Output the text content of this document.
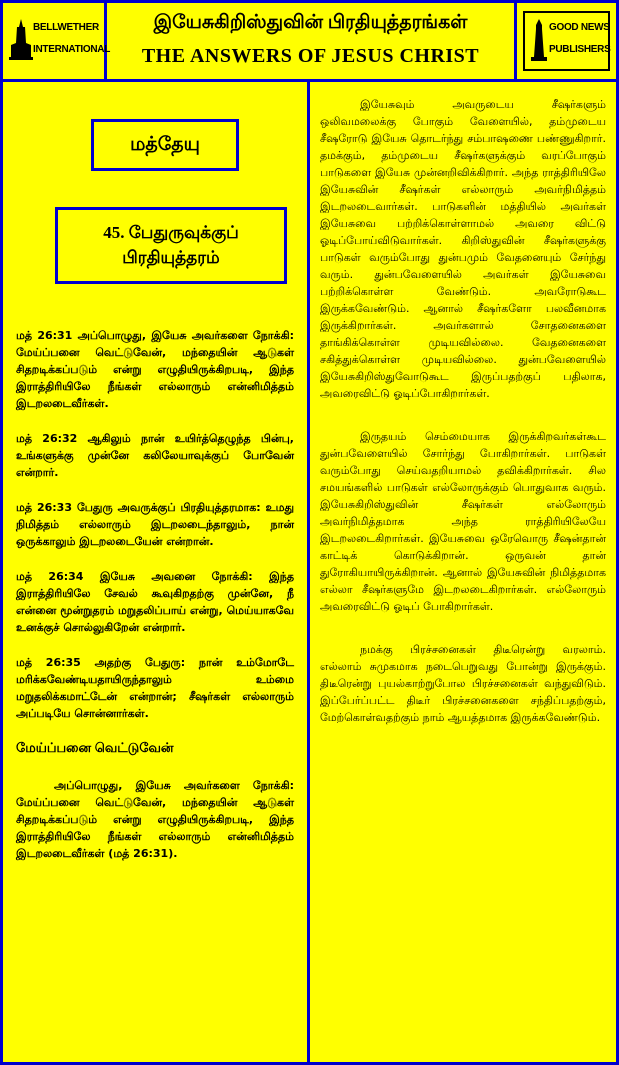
BELLWETHER
INTERNATIONAL
இயேசுகிறிஸ்துவின் பிரதியுத்தரங்கள்
THE ANSWERS OF JESUS CHRIST
GOOD NEWS
PUBLISHERS
மத்தேயு
45. பேதுருவுக்குப்
பிரதியுத்தரம்

மத் 26:31 அப்பொழுது, இயேசு அவர்களை நோக்கி: மேய்ப்பனை வெட்டுவேன், மந்தையின் ஆடுகள் சிதறடிக்கப்படும் என்று எழுதியிருக்கிறபடி, இந்த இராத்திரியிலே நீங்கள் எல்லாரும் என்னிமித்தம் இடறலடைவீர்கள்.

மத் 26:32 ஆகிலும் நான் உயிர்த்தெழுந்த பின்பு, உங்களுக்கு முன்னே கலிலேயாவுக்குப் போவேன் என்றார்.

மத் 26:33 பேதுரு அவருக்குப் பிரதியுத்தரமாக: உமது நிமித்தம் எல்லாரும் இடறலடைந்தாலும், நான் ஒருக்காலும் இடறலடையேன் என்றான்.

மத் 26:34 இயேசு அவனை நோக்கி: இந்த இராத்திரியிலே சேவல் கூவுகிறதற்கு முன்னே, நீ என்னை மூன்றுதரம் மறுதலிப்பாய் என்று, மெய்யாகவே உனக்குச் சொல்லுகிறேன் என்றார்.

மத் 26:35 அதற்கு பேதுரு: நான் உம்மோடே மரிக்கவேண்டியதாயிருந்தாலும் உம்மை மறுதலிக்கமாட்டேன் என்றான்; சீஷர்கள் எல்லாரும் அப்படியே சொன்னார்கள்.

மேய்ப்பனை வெட்டுவேன்

அப்பொழுது, இயேசு அவர்களை நோக்கி: மேய்ப்பனை வெட்டுவேன், மந்தையின் ஆடுகள் சிதறடிக்கப்படும் என்று எழுதியிருக்கிறபடி, இந்த இராத்திரியிலே நீங்கள் எல்லாரும் என்னிமித்தம் இடறலடைவீர்கள் (மத் 26:31).

இயேசுவும் அவருடைய சீஷர்களும் ஒலிவமலைக்கு போகும் வேளையில், தம்முடைய சீஷரோடு இயேசு தொடர்ந்து சம்பாஷணை பண்ணுகிறார். தமக்கும், தம்முடைய சீஷர்களுக்கும் வரப்போகும் பாடுகளை இயேசு முன்னறிவிக்கிறார். அந்த ராத்திரியிலே இயேசுவின் சீஷர்கள் எல்லாரும் அவர்நிமித்தம் இடறலடைவார்கள். பாடுகளின் மத்தியில் அவர்கள் இயேசுவை பற்றிக்கொள்ளாமல் அவரை விட்டு ஓடிப்போய்விடுவார்கள். கிறிஸ்துவின் சீஷர்களுக்கு பாடுகள் வரும்போது துன்பமும் வேதனையும் சேர்ந்து வரும். துன்பவேளையில் அவர்கள் இயேசுவை பற்றிக்கொள்ள வேண்டும். அவரோடுகூட இருக்கவேண்டும். ஆனால் சீஷர்களோ பலவீனமாக இருக்கிறார்கள். அவர்களால் சோதனைகளை தாங்கிக்கொள்ள முடியவில்லை. வேதனைகளை சகித்துக்கொள்ள முடியவில்லை. துன்பவேளையில் இயேசுகிறிஸ்துவோடுகூட இருப்பதற்குப் பதிலாக, அவரைவிட்டு ஓடிப்போகிறார்கள்.

இருதயம் செம்மையாக இருக்கிறவர்கள்கூட துன்பவேளையில் சோர்ந்து போகிறார்கள். பாடுகள் வரும்போது செய்வதறியாமல் தவிக்கிறார்கள். சில சமயங்களில் பாடுகள் எல்லோருக்கும் பொதுவாக வரும். இயேசுகிறிஸ்துவின் சீஷர்கள் எல்லோரும் அவர்நிமித்தமாக அந்த ராத்திரியிலேயே இடறலடைகிறார்கள். இயேசுவை ஒரேவொரு சீஷன்தான் காட்டிக் கொடுக்கிறான். ஒருவன் தான் துரோகியாயிருக்கிறான். ஆனால் இயேசுவின் நிமித்தமாக எல்லா சீஷர்களுமே இடறலடைகிறார்கள். எல்லோரும் அவரைவிட்டு ஓடிப் போகிறார்கள்.

நமக்கு பிரச்சனைகள் திடீரென்று வரலாம். எல்லாம் சுமுகமாக நடைபெறுவது போன்று இருக்கும். திடீரென்று புயல்காற்றுபோல பிரச்சனைகள் வந்துவிடும். இப்பேர்ப்பட்ட திடீர் பிரச்சனைகளை சந்திப்பதற்கும், மேற்கொள்வதற்கும் நாம் ஆயத்தமாக இருக்கவேண்டும்.
